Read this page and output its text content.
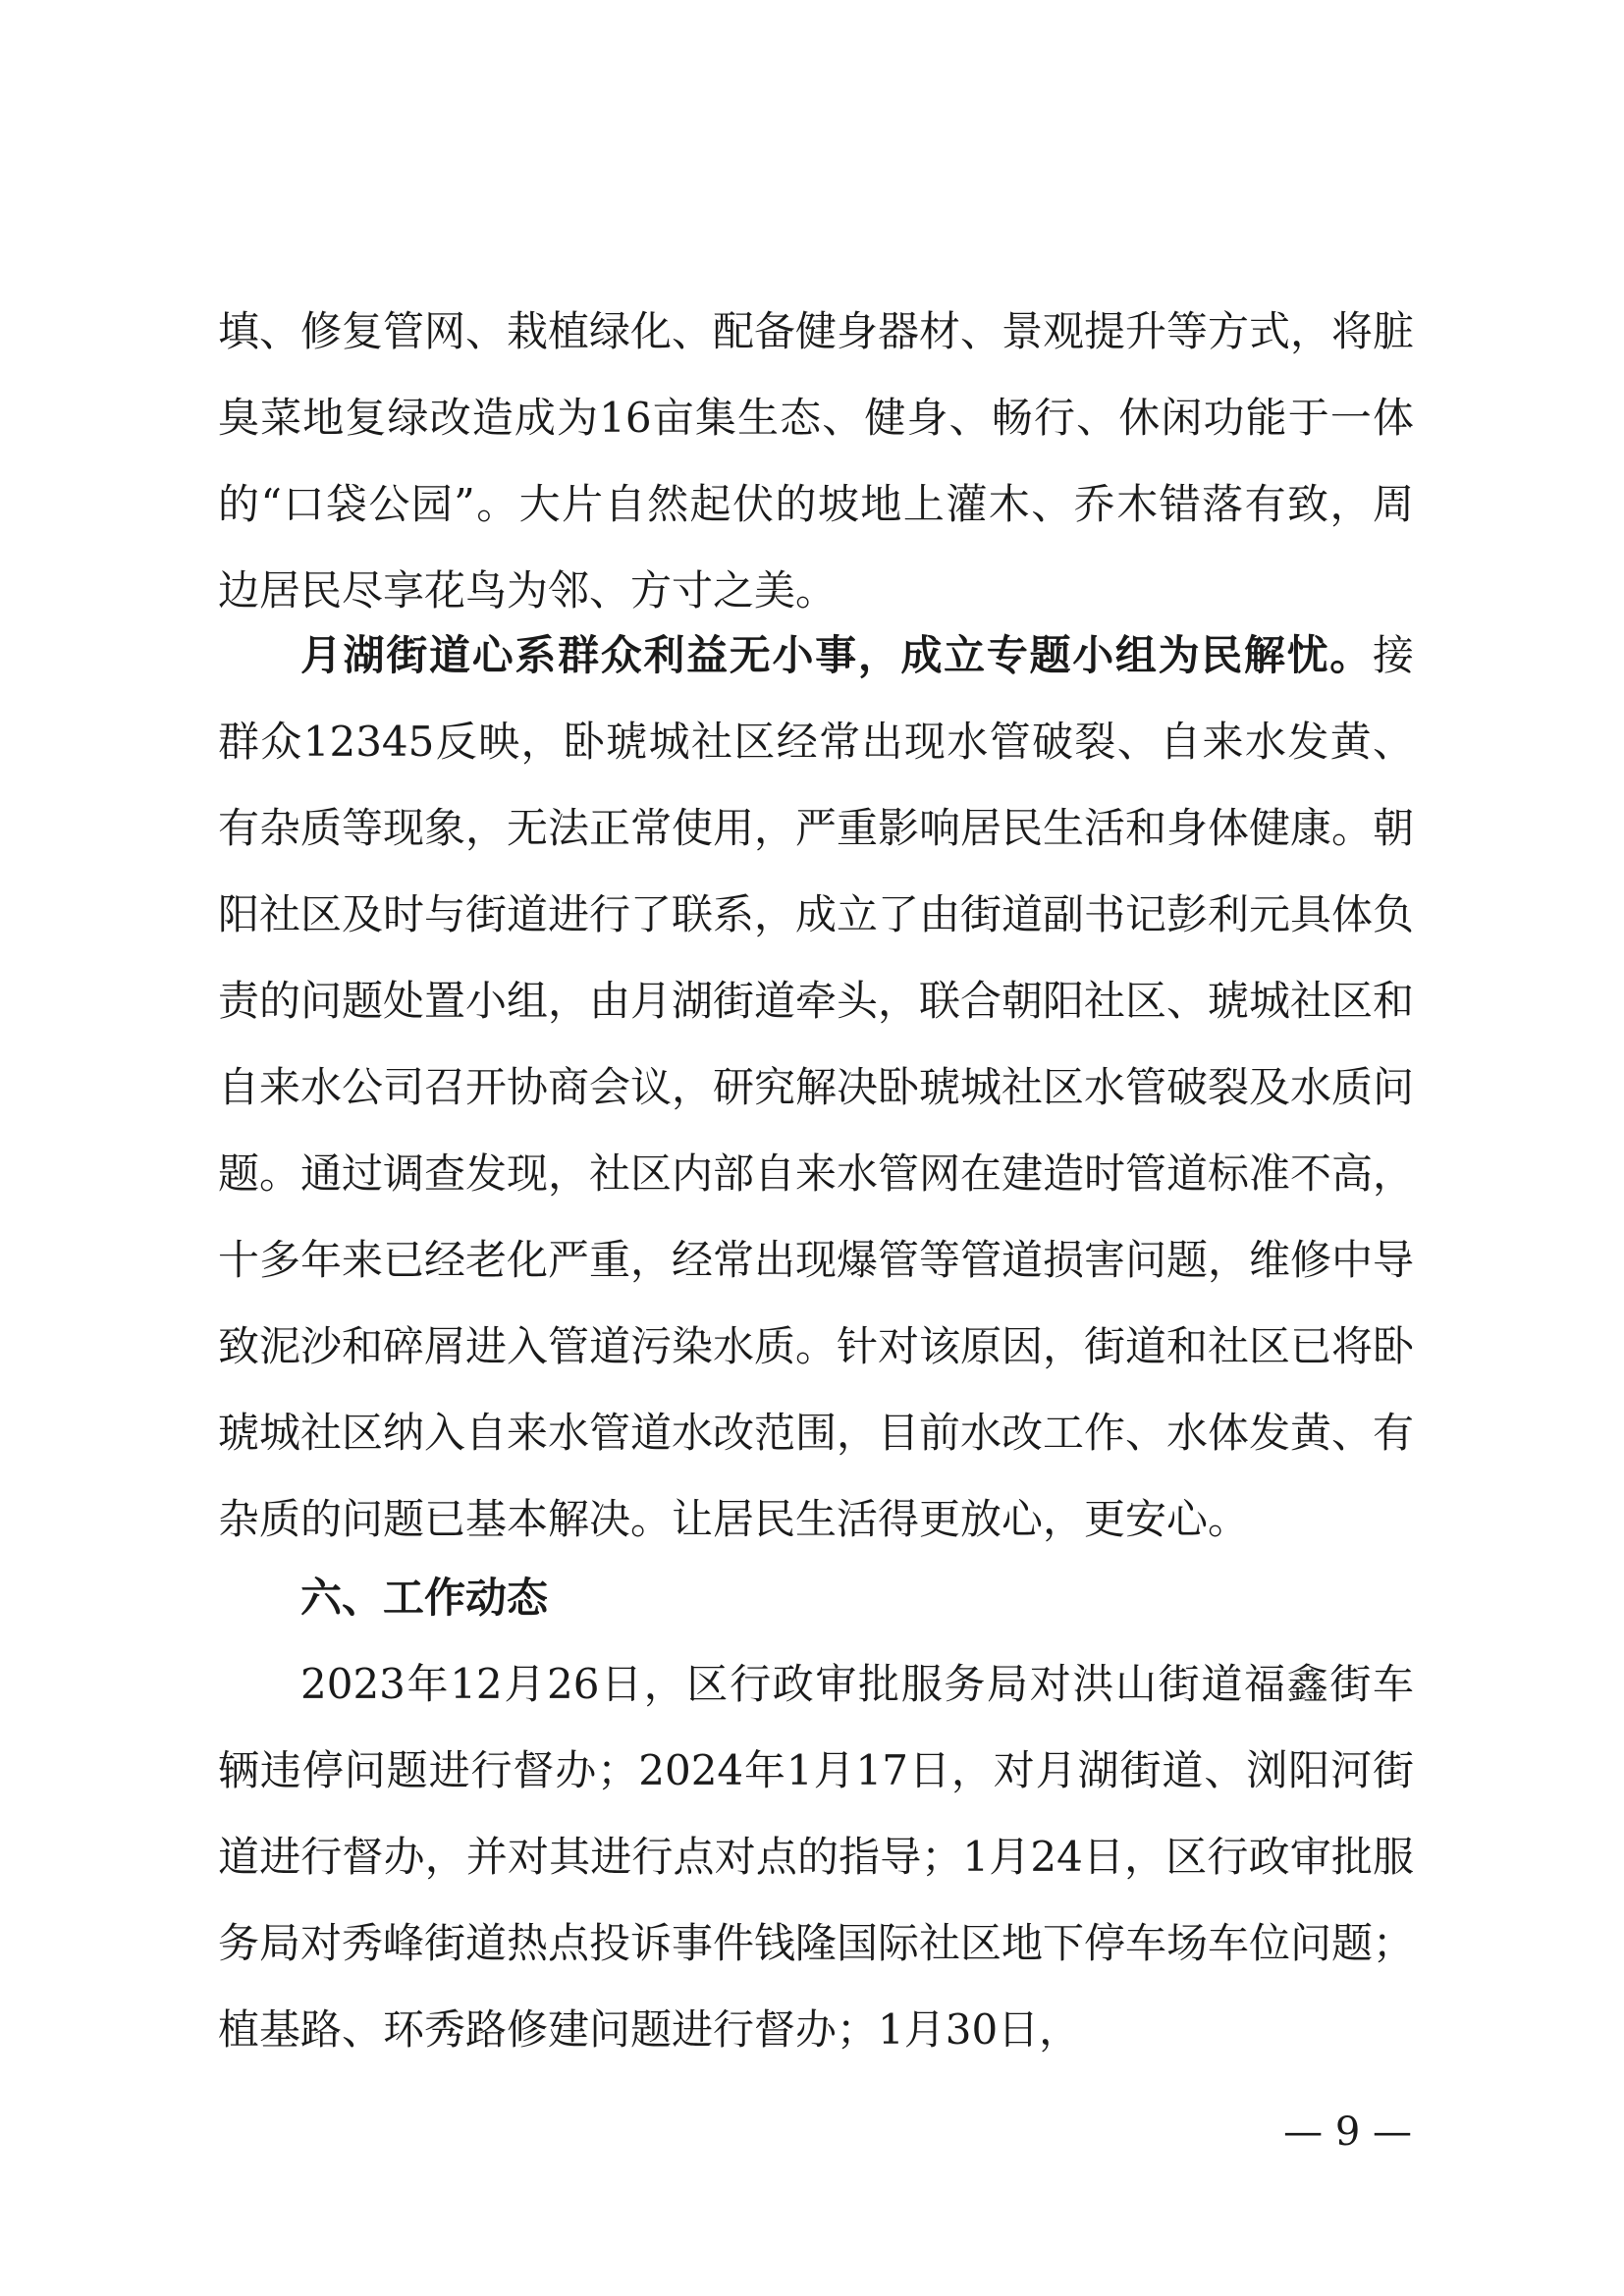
填、修复管网、栽植绿化、配备健身器材、景观提升等方式，将脏臭菜地复绿改造成为16亩集生态、健身、畅行、休闲功能于一体的“口袋公园”。大片自然起伏的坡地上灌木、乔木错落有致，周边居民尽享花鸟为邻、方寸之美。

月湖街道心系群众利益无小事，成立专题小组为民解忧。接群众12345反映，卧琥城社区经常出现水管破裂、自来水发黄、有杂质等现象，无法正常使用，严重影响居民生活和身体健康。朝阳社区及时与街道进行了联系，成立了由街道副书记彭利元具体负责的问题处置小组，由月湖街道牵头，联合朝阳社区、琥城社区和自来水公司召开协商会议，研究解决卧琥城社区水管破裂及水质问题。通过调查发现，社区内部自来水管网在建造时管道标准不高，十多年来已经老化严重，经常出现爆管等管道损害问题，维修中导致泥沙和碎屑进入管道污染水质。针对该原因，街道和社区已将卧琥城社区纳入自来水管道水改范围，目前水改工作、水体发黄、有杂质的问题已基本解决。让居民生活得更放心，更安心。

六、工作动态

2023年12月26日，区行政审批服务局对洪山街道福鑫街车辆违停问题进行督办；2024年1月17日，对月湖街道、浏阳河街道进行督办，并对其进行点对点的指导；1月24日，区行政审批服务局对秀峰街道热点投诉事件钱隆国际社区地下停车场车位问题；植基路、环秀路修建问题进行督办；1月30日，

— 9 —
